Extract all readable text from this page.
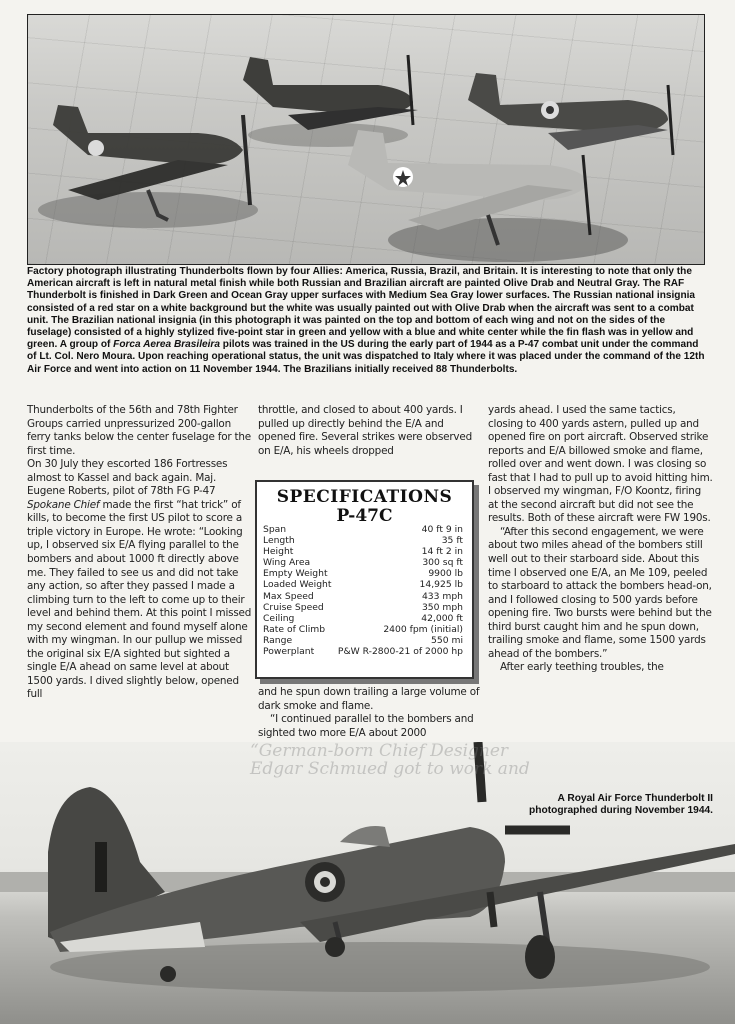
Factory photograph illustrating Thunderbolts flown by four Allies: America, Russia, Brazil, and Britain. It is interesting to note that only the American aircraft is left in natural metal finish while both Russian and Brazilian aircraft are painted Olive Drab and Neutral Gray. The RAF Thunderbolt is finished in Dark Green and Ocean Gray upper surfaces with Medium Sea Gray lower surfaces. The Russian national insignia consisted of a red star on a white background but the white was usually painted out with Olive Drab when the aircraft was sent to a combat unit. The Brazilian national insignia (in this photograph it was painted on the top and bottom of each wing and not on the sides of the fuselage) consisted of a highly stylized five-point star in green and yellow with a blue and white center while the fin flash was in yellow and green. A group of Forca Aerea Brasileira pilots was trained in the US during the early part of 1944 as a P-47 combat unit under the command of Lt. Col. Nero Moura. Upon reaching operational status, the unit was dispatched to Italy where it was placed under the command of the 12th Air Force and went into action on 11 November 1944. The Brazilians initially received 88 Thunderbolts.

Thunderbolts of the 56th and 78th Fighter Groups carried unpressurized 200-gallon ferry tanks below the center fuselage for the first time.

On 30 July they escorted 186 Fortresses almost to Kassel and back again. Maj. Eugene Roberts, pilot of 78th FG P-47 Spokane Chief made the first “hat trick” of kills, to become the first US pilot to score a triple victory in Europe. He wrote: “Looking up, I observed six E/A flying parallel to the bombers and about 1000 ft directly above me. They failed to see us and did not take any action, so after they passed I made a climbing turn to the left to come up to their level and behind them. At this point I missed my second element and found myself alone with my wingman. In our pullup we missed the original six E/A sighted but sighted a single E/A ahead on same level at about 1500 yards. I dived slightly below, opened full

throttle, and closed to about 400 yards. I pulled up directly behind the E/A and opened fire. Several strikes were observed on E/A, his wheels dropped

SPECIFICATIONS
P-47C
Span	40 ft 9 in
Length	35 ft
Height	14 ft 2 in
Wing Area	300 sq ft
Empty Weight	9900 lb
Loaded Weight	14,925 lb
Max Speed	433 mph
Cruise Speed	350 mph
Ceiling	42,000 ft
Rate of Climb	2400 fpm (initial)
Range	550 mi
Powerplant	P&W R-2800-21 of 2000 hp

and he spun down trailing a large volume of dark smoke and flame.

“I continued parallel to the bombers and sighted two more E/A about 2000

yards ahead. I used the same tactics, closing to 400 yards astern, pulled up and opened fire on port aircraft. Observed strike reports and E/A billowed smoke and flame, rolled over and went down. I was closing so fast that I had to pull up to avoid hitting him. I observed my wingman, F/O Koontz, firing at the second aircraft but did not see the results. Both of these aircraft were FW 190s.

“After this second engagement, we were about two miles ahead of the bombers still well out to their starboard side. About this time I observed one E/A, an Me 109, peeled to starboard to attack the bombers head-on, and I followed closing to 500 yards before opening fire. Two bursts were behind but the third burst caught him and he spun down, trailing smoke and flame, some 1500 yards ahead of the bombers.”

After early teething troubles, the

“German-born Chief Designer
Edgar Schmued got to work and
A Royal Air Force Thunderbolt II photographed during November 1944.
